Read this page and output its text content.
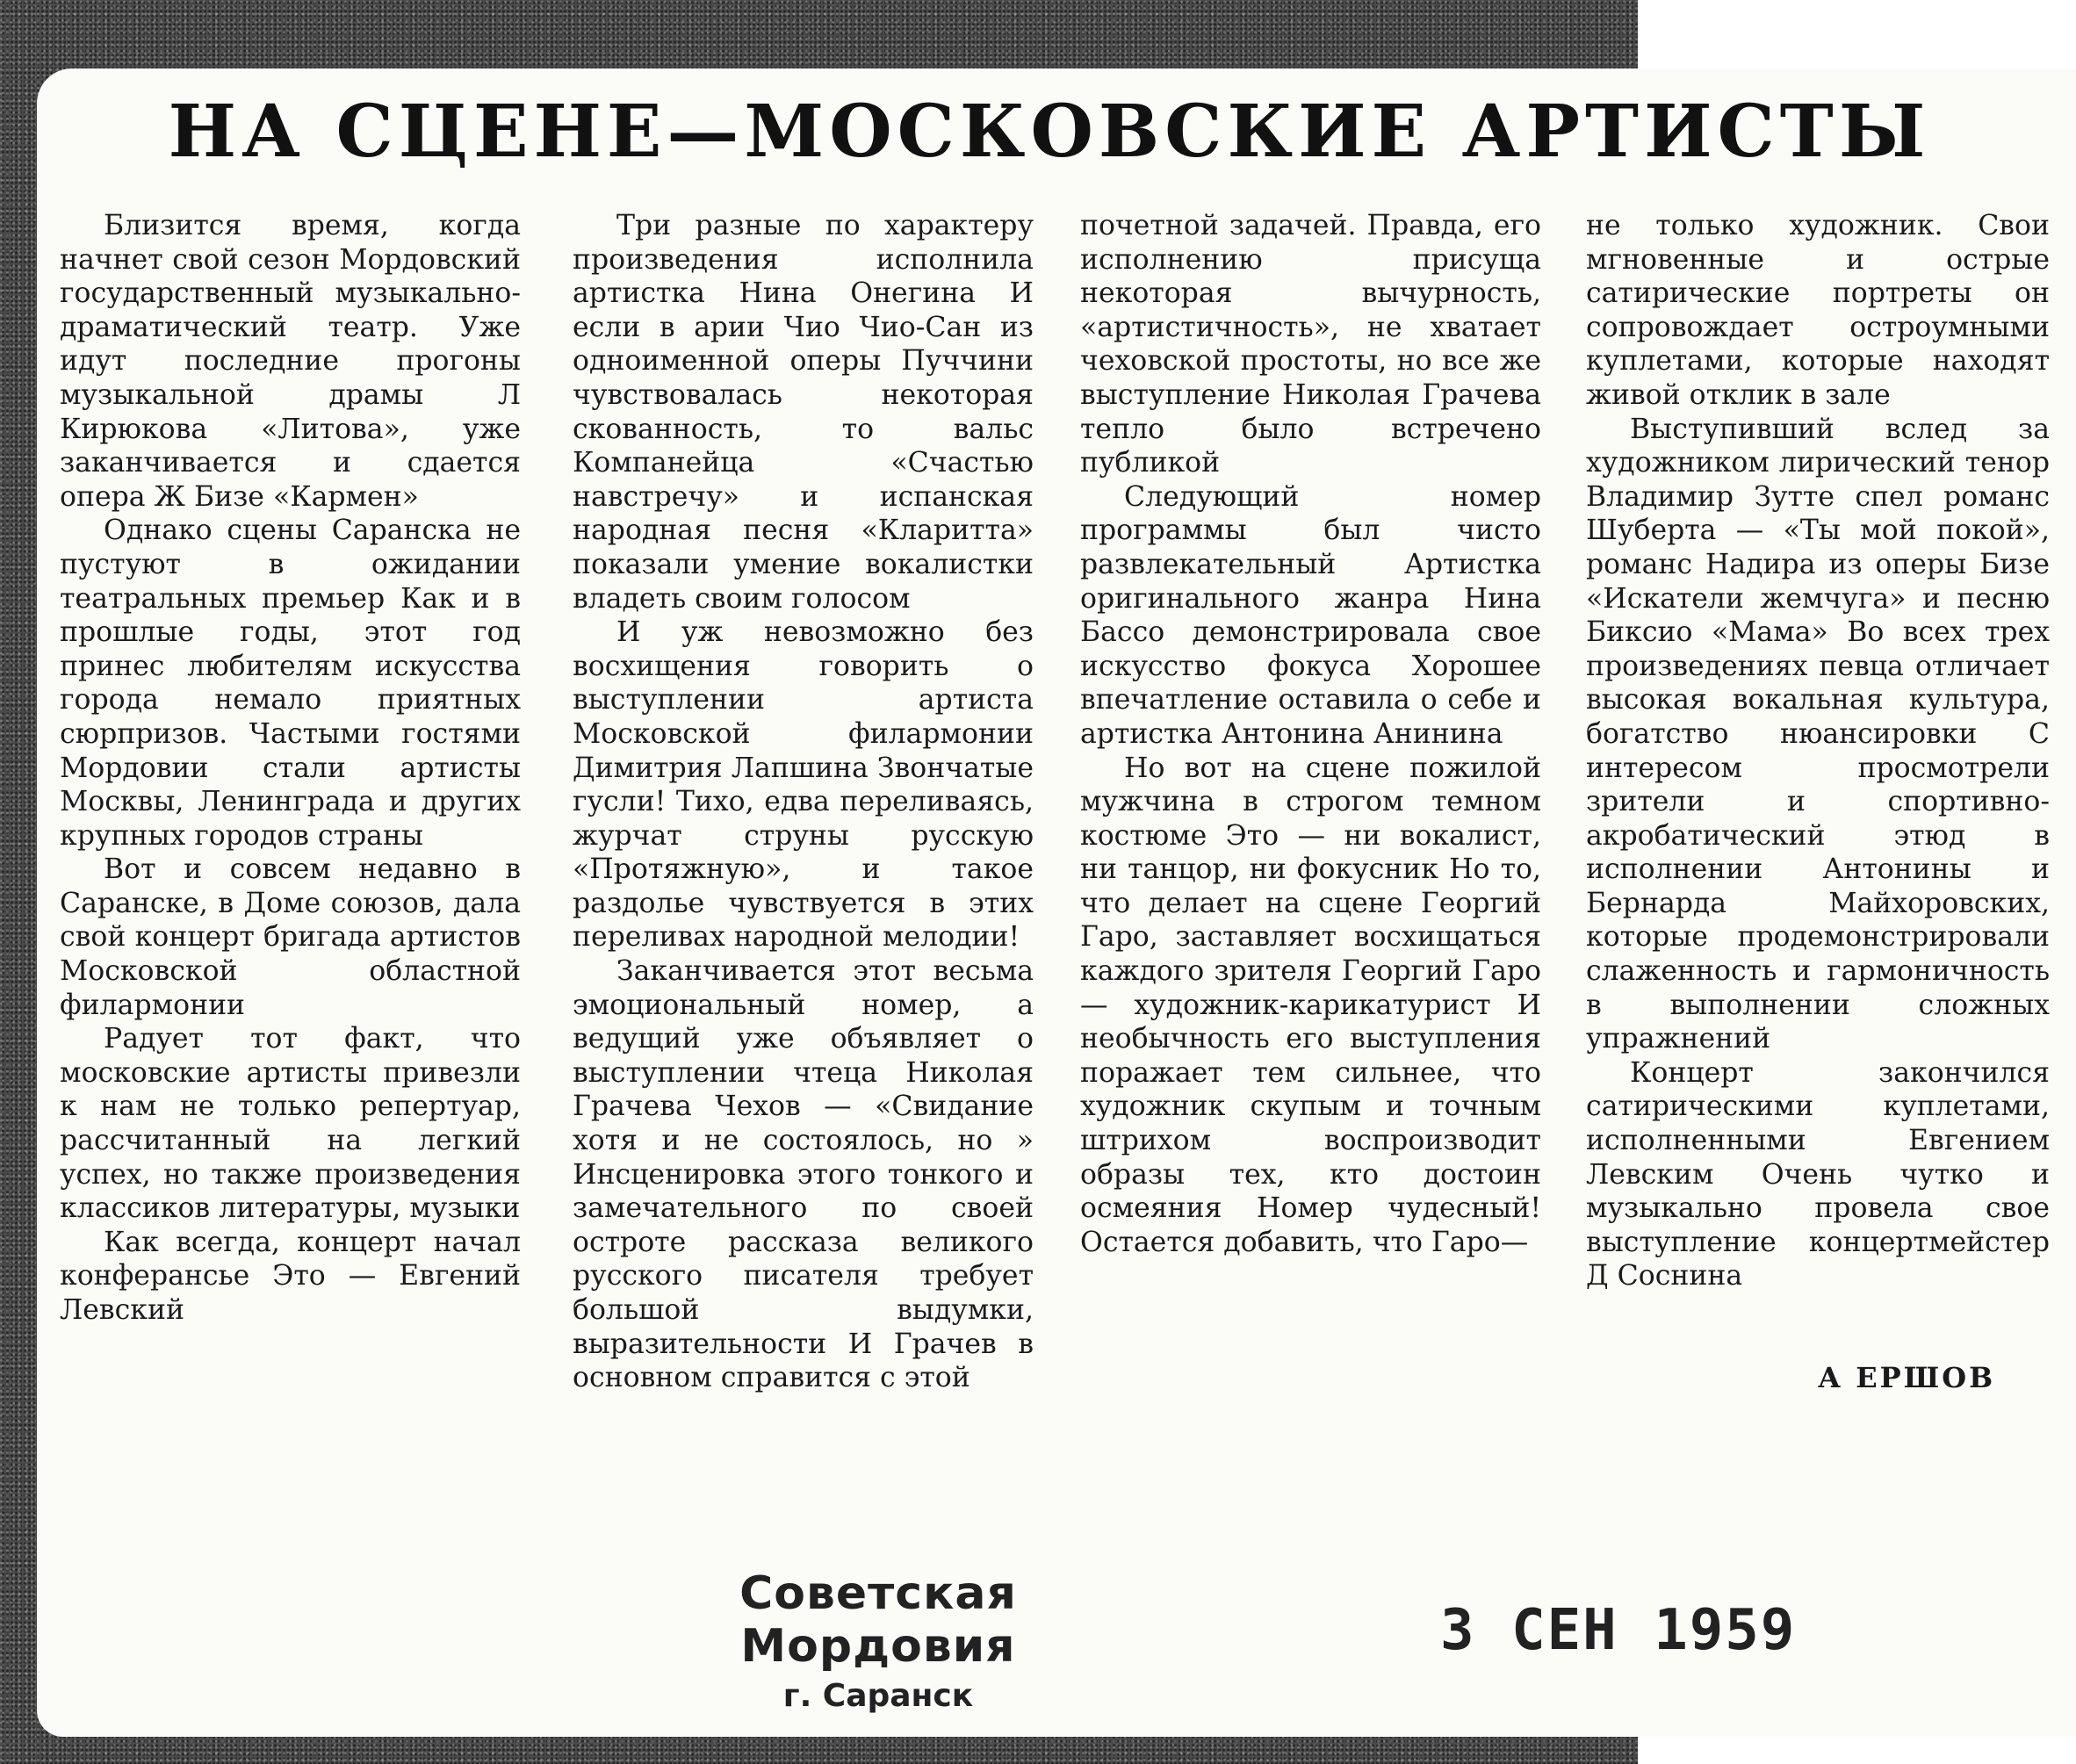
НА СЦЕНЕ—МОСКОВСКИЕ АРТИСТЫ

Близится время, когда начнет свой сезон Мордовский государственный музыкально-драматический театр. Уже идут последние прогоны музыкальной драмы Л Кирюкова «Литова», уже заканчивается и сдается опера Ж Бизе «Кармен»

Однако сцены Саранска не пустуют в ожидании театральных премьер Как и в прошлые годы, этот год принес любителям искусства города немало приятных сюрпризов. Частыми гостями Мордовии стали артисты Москвы, Ленинграда и других крупных городов страны

Вот и совсем недавно в Саранске, в Доме союзов, дала свой концерт бригада артистов Московской областной филармонии

Радует тот факт, что московские артисты привезли к нам не только репертуар, рассчитанный на легкий успех, но также произведения классиков литературы, музыки

Как всегда, концерт начал конферансье Это — Евгений Левский

Три разные по характеру произведения исполнила артистка Нина Онегина И если в арии Чио Чио-Сан из одноименной оперы Пуччини чувствовалась некоторая скованность, то вальс Компанейца «Счастью навстречу» и испанская народная песня «Кларитта» показали умение вокалистки владеть своим голосом

И уж невозможно без восхищения говорить о выступлении артиста Московской филармонии Димитрия Лапшина Звончатые гусли! Тихо, едва переливаясь, журчат струны русскую «Протяжную», и такое раздолье чувствуется в этих переливах народной мелодии!

Заканчивается этот весьма эмоциональный номер, а ведущий уже объявляет о выступлении чтеца Николая Грачева Чехов — «Свидание хотя и не состоялось, но » Инсценировка этого тонкого и замечательного по своей остроте рассказа великого русского писателя требует большой выдумки, выразительности И Грачев в основном справится с этой

почетной задачей. Правда, его исполнению присуща некоторая вычурность, «артистичность», не хватает чеховской простоты, но все же выступление Николая Грачева тепло было встречено публикой

Следующий номер программы был чисто развлекательный Артистка оригинального жанра Нина Бассо демонстрировала свое искусство фокуса Хорошее впечатление оставила о себе и артистка Антонина Анинина

Но вот на сцене пожилой мужчина в строгом темном костюме Это — ни вокалист, ни танцор, ни фокусник Но то, что делает на сцене Георгий Гаро, заставляет восхищаться каждого зрителя Георгий Гаро — художник-карикатурист И необычность его выступления поражает тем сильнее, что художник скупым и точным штрихом воспроизводит образы тех, кто достоин осмеяния Номер чудесный! Остается добавить, что Гаро—

не только художник. Свои мгновенные и острые сатирические портреты он сопровождает остроумными куплетами, которые находят живой отклик в зале

Выступивший вслед за художником лирический тенор Владимир Зутте спел романс Шуберта — «Ты мой покой», романс Надира из оперы Бизе «Искатели жемчуга» и песню Биксио «Мама» Во всех трех произведениях певца отличает высокая вокальная культура, богатство нюансировки С интересом просмотрели зрители и спортивно-акробатический этюд в исполнении Антонины и Бернарда Майхоровских, которые продемонстрировали слаженность и гармоничность в выполнении сложных упражнений

Концерт закончился сатирическими куплетами, исполненными Евгением Левским Очень чутко и музыкально провела свое выступление концертмейстер Д Соснина

А ЕРШОВ
Советская Мордовия
г. Саранск
3 СЕН 1959
